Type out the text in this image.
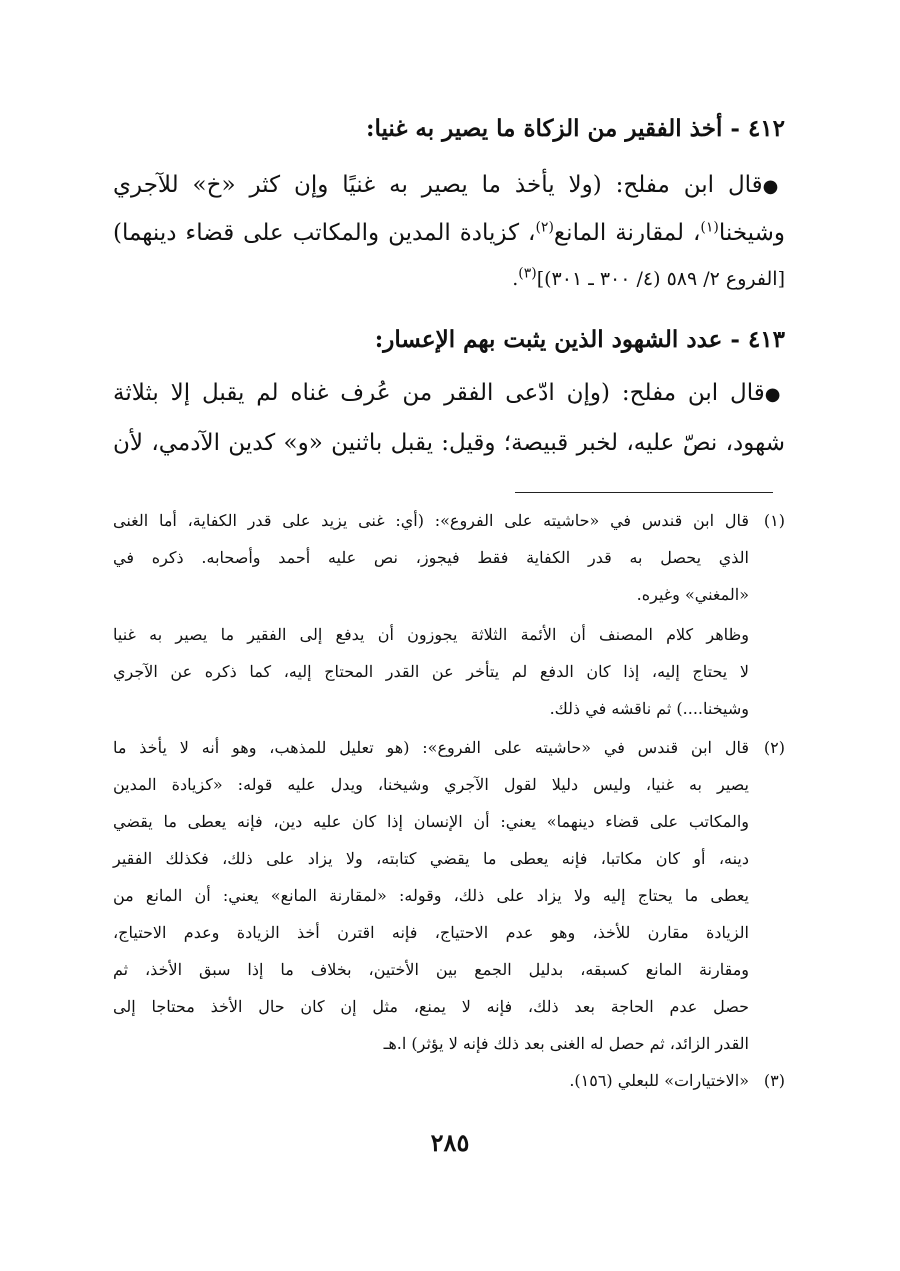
٤١٢ - أخذ الفقير من الزكاة ما يصير به غنيا:
●قال ابن مفلح: (ولا يأخذ ما يصير به غنيًا وإن كثر «خ» للآجري
وشيخنا$^{(١)}$، لمقارنة المانع$^{(٢)}$، كزيادة المدين والمكاتب على قضاء دينهما)
[الفروع ٢/ ٥٨٩ (٤/ ٣٠٠ ـ ٣٠١)]$^{(٣)}$.
٤١٣ - عدد الشهود الذين يثبت بهم الإعسار:
●قال ابن مفلح: (وإن ادّعى الفقر من عُرف غناه لم يقبل إلا بثلاثة
شهود، نصّ عليه، لخبر قبيصة؛ وقيل: يقبل باثنين «و» كدين الآدمي، لأن
(١)قال ابن قندس في «حاشيته على الفروع»: (أي: غنى يزيد على قدر الكفاية، أما الغنى
الذي يحصل به قدر الكفاية فقط فيجوز، نص عليه أحمد وأصحابه. ذكره في
«المغني» وغيره.
وظاهر كلام المصنف أن الأئمة الثلاثة يجوزون أن يدفع إلى الفقير ما يصير به غنيا
لا يحتاج إليه، إذا كان الدفع لم يتأخر عن القدر المحتاج إليه، كما ذكره عن الآجري
وشيخنا....) ثم ناقشه في ذلك.
(٢)قال ابن قندس في «حاشيته على الفروع»: (هو تعليل للمذهب، وهو أنه لا يأخذ ما
يصير به غنيا، وليس دليلا لقول الآجري وشيخنا، ويدل عليه قوله: «كزيادة المدين
والمكاتب على قضاء دينهما» يعني: أن الإنسان إذا كان عليه دين، فإنه يعطى ما يقضي
دينه، أو كان مكاتبا، فإنه يعطى ما يقضي كتابته، ولا يزاد على ذلك، فكذلك الفقير
يعطى ما يحتاج إليه ولا يزاد على ذلك، وقوله: «لمقارنة المانع» يعني: أن المانع من
الزيادة مقارن للأخذ، وهو عدم الاحتياج، فإنه اقترن أخذ الزيادة وعدم الاحتياج،
ومقارنة المانع كسبقه، بدليل الجمع بين الأختين، بخلاف ما إذا سبق الأخذ، ثم
حصل عدم الحاجة بعد ذلك، فإنه لا يمنع، مثل إن كان حال الأخذ محتاجا إلى
القدر الزائد، ثم حصل له الغنى بعد ذلك فإنه لا يؤثر) ا.هـ
(٣)«الاختيارات» للبعلي (١٥٦).
٢٨٥
